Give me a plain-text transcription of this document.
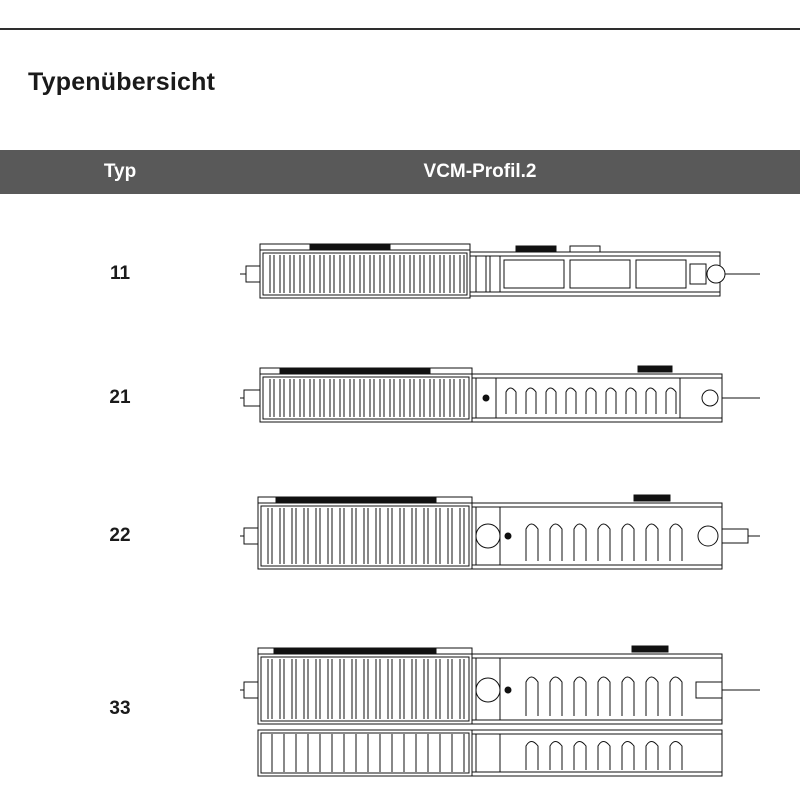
Typenübersicht
Typ	VCM-Profil.2
11
21
22
33
